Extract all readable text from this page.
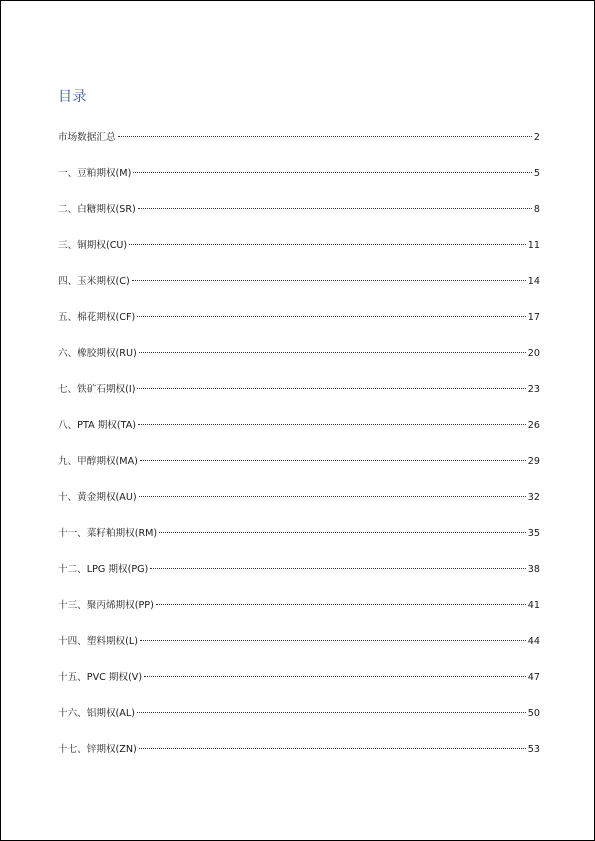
目录
市场数据汇总	2
一、豆粕期权(M)	5
二、白糖期权(SR)	8
三、铜期权(CU)	11
四、玉米期权(C)	14
五、棉花期权(CF)	17
六、橡胶期权(RU)	20
七、铁矿石期权(I)	23
八、PTA 期权(TA)	26
九、甲醇期权(MA)	29
十、黄金期权(AU)	32
十一、菜籽粕期权(RM)	35
十二、LPG 期权(PG)	38
十三、聚丙烯期权(PP)	41
十四、塑料期权(L)	44
十五、PVC 期权(V)	47
十六、铝期权(AL)	50
十七、锌期权(ZN)	53
